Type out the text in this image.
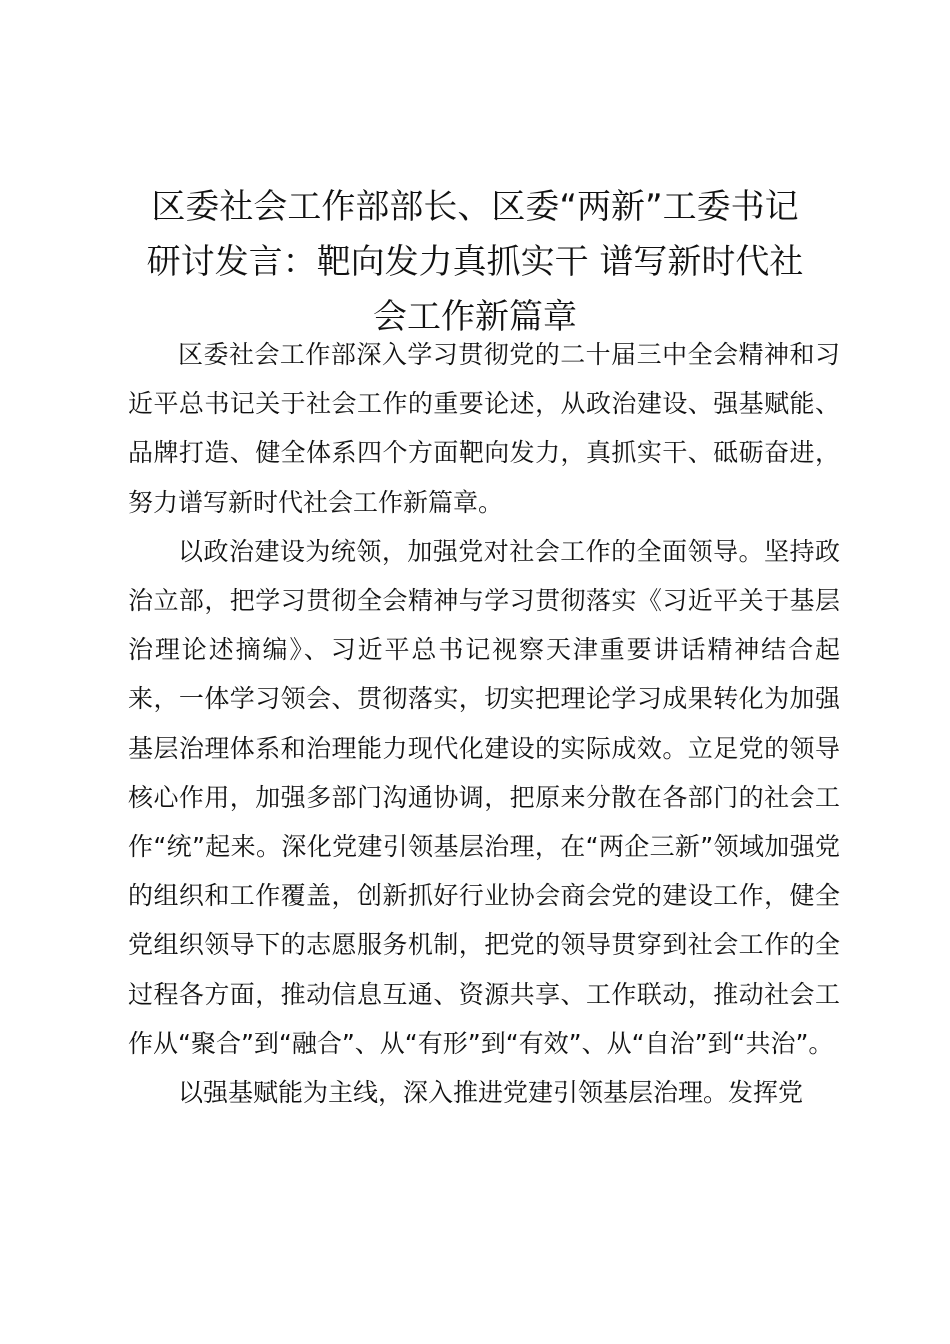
区委社会工作部部长、区委“两新”工委书记
研讨发言：靶向发力真抓实干 谱写新时代社
会工作新篇章

区委社会工作部深入学习贯彻党的二十届三中全会精神和习近平总书记关于社会工作的重要论述，从政治建设、强基赋能、品牌打造、健全体系四个方面靶向发力，真抓实干、砥砺奋进，努力谱写新时代社会工作新篇章。

以政治建设为统领，加强党对社会工作的全面领导。坚持政治立部，把学习贯彻全会精神与学习贯彻落实《习近平关于基层治理论述摘编》、习近平总书记视察天津重要讲话精神结合起来，一体学习领会、贯彻落实，切实把理论学习成果转化为加强基层治理体系和治理能力现代化建设的实际成效。立足党的领导核心作用，加强多部门沟通协调，把原来分散在各部门的社会工作“统”起来。深化党建引领基层治理，在“两企三新”领域加强党的组织和工作覆盖，创新抓好行业协会商会党的建设工作，健全党组织领导下的志愿服务机制，把党的领导贯穿到社会工作的全过程各方面，推动信息互通、资源共享、工作联动，推动社会工作从“聚合”到“融合”、从“有形”到“有效”、从“自治”到“共治”。

以强基赋能为主线，深入推进党建引领基层治理。发挥党
